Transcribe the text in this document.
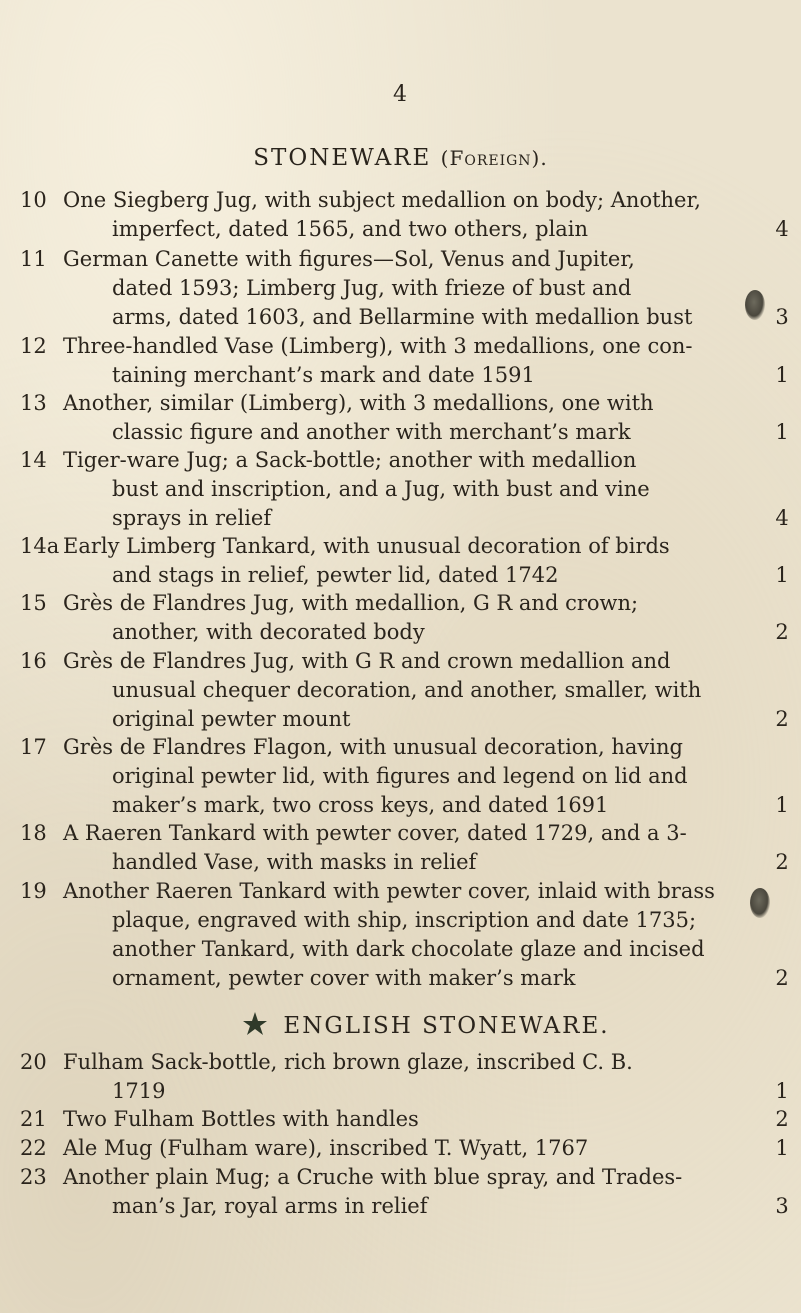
4
STONEWARE (Foreign).
10 One Siegberg Jug, with subject medallion on body; Another,
imperfect, dated 1565, and two others, plain	4
11 German Canette with figures—Sol, Venus and Jupiter,
dated 1593; Limberg Jug, with frieze of bust and
arms, dated 1603, and Bellarmine with medallion bust	3
12 Three-handled Vase (Limberg), with 3 medallions, one con-
taining merchant’s mark and date 1591	1
13 Another, similar (Limberg), with 3 medallions, one with
classic figure and another with merchant’s mark	1
14 Tiger-ware Jug; a Sack-bottle; another with medallion
bust and inscription, and a Jug, with bust and vine
sprays in relief	4
14a Early Limberg Tankard, with unusual decoration of birds
and stags in relief, pewter lid, dated 1742	1
15 Grès de Flandres Jug, with medallion, G R and crown;
another, with decorated body	2
16 Grès de Flandres Jug, with G R and crown medallion and
unusual chequer decoration, and another, smaller, with
original pewter mount	2
17 Grès de Flandres Flagon, with unusual decoration, having
original pewter lid, with figures and legend on lid and
maker’s mark, two cross keys, and dated 1691	1
18 A Raeren Tankard with pewter cover, dated 1729, and a 3-
handled Vase, with masks in relief	2
19 Another Raeren Tankard with pewter cover, inlaid with brass
plaque, engraved with ship, inscription and date 1735;
another Tankard, with dark chocolate glaze and incised
ornament, pewter cover with maker’s mark	2
20 Fulham Sack-bottle, rich brown glaze, inscribed C. B.
1719	1
21 Two Fulham Bottles with handles	2
22 Ale Mug (Fulham ware), inscribed T. Wyatt, 1767	1
23 Another plain Mug; a Cruche with blue spray, and Trades-
man’s Jar, royal arms in relief	3
ENGLISH STONEWARE.
